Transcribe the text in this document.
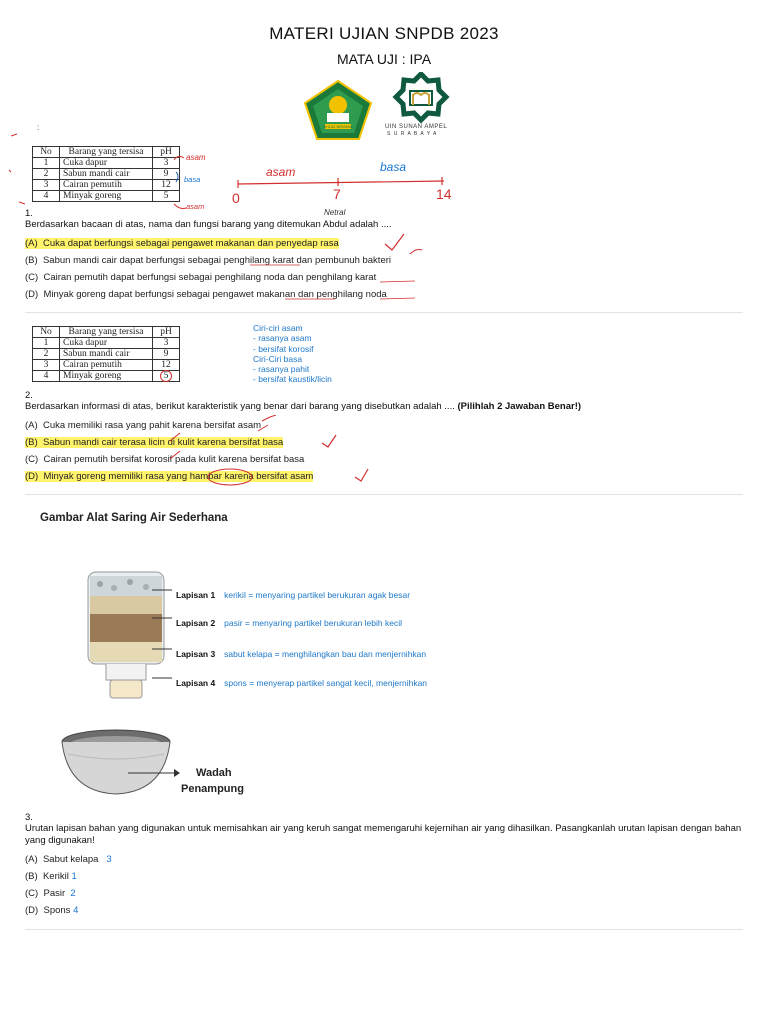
MATERI UJIAN SNPDB 2023
MATA UJI : IPA
IKHLAS BERAMAL	UIN SUNAN AMPEL
S U R A B A Y A
:
No	Barang yang tersisa	pH
1	Cuka dapur	3
2	Sabun mandi cair	9
3	Cairan pemutih	12
4	Minyak goreng	5
asam
basa
asam
asam	basa
0	7	14
Netral
1.
Berdasarkan bacaan di atas, nama dan fungsi barang yang ditemukan Abdul adalah ....
(A) Cuka dapat berfungsi sebagai pengawet makanan dan penyedap rasa
(B) Sabun mandi cair dapat berfungsi sebagai penghilang karat dan pembunuh bakteri
(C) Cairan pemutih dapat berfungsi sebagai penghilang noda dan penghilang karat
(D) Minyak goreng dapat berfungsi sebagai pengawet makanan dan penghilang noda
No	Barang yang tersisa	pH
1	Cuka dapur	3
2	Sabun mandi cair	9
3	Cairan pemutih	12
4	Minyak goreng	5
Ciri-ciri asam
- rasanya asam
- bersifat korosif
Ciri-Ciri basa
- rasanya pahit
- bersifat kaustik/licin
2.
Berdasarkan informasi di atas, berikut karakteristik yang benar dari barang yang disebutkan adalah .... (Pilihlah 2 Jawaban Benar!)
(A) Cuka memiliki rasa yang pahit karena bersifat asam
(B) Sabun mandi cair terasa licin di kulit karena bersifat basa
(C) Cairan pemutih bersifat korosif pada kulit karena bersifat basa
(D) Minyak goreng memiliki rasa yang hambar karena bersifat asam
Gambar Alat Saring Air Sederhana
Lapisan 1 kerikil = menyaring partikel berukuran agak besar
Lapisan 2 pasir = menyaring partikel berukuran lebih kecil
Lapisan 3 sabut kelapa = menghilangkan bau dan menjernihkan
Lapisan 4 spons = menyerap partikel sangat kecil, menjernihkan
Wadah
Penampung
3.
Urutan lapisan bahan yang digunakan untuk memisahkan air yang keruh sangat memengaruhi kejernihan air yang dihasilkan. Pasangkanlah urutan lapisan dengan bahan yang digunakan!
(A) Sabut kelapa 3
(B) Kerikil 1
(C) Pasir 2
(D) Spons 4
